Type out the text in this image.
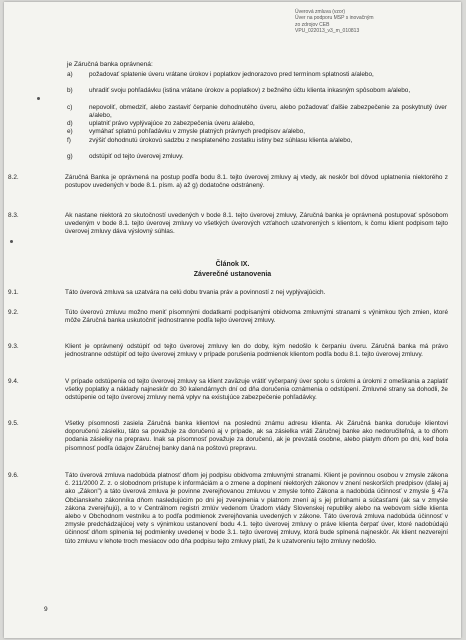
Úverová zmluva (vzor)
Úver na podporu MSP s inovačným
zo zdrojov CEB
VPU_022013_v3_m_010813
je Záručná banka oprávnená:
a)	požadovať splatenie úveru vrátane úrokov i poplatkov jednorazovo pred termínom splatnosti a/alebo,
b)	uhradiť svoju pohľadávku (istina vrátane úrokov a poplatkov) z bežného účtu klienta inkasným spôsobom a/alebo,
c)	nepovoliť, obmedziť, alebo zastaviť čerpanie dohodnutého úveru, alebo požadovať ďalšie zabezpečenie za poskytnutý úver a/alebo,
d)	uplatniť právo vyplývajúce zo zabezpečenia úveru a/alebo,
e)	vymáhať splatnú pohľadávku v zmysle platných právnych predpisov a/alebo,
f)	zvýšiť dohodnutú úrokovú sadzbu z nesplateného zostatku istiny bez súhlasu klienta a/alebo,
g)	odstúpiť od tejto úverovej zmluvy.
8.2.	Záručná Banka je oprávnená na postup podľa bodu 8.1. tejto úverovej zmluvy aj vtedy, ak neskôr bol dôvod uplatnenia niektorého z postupov uvedených v bode 8.1. písm. a) až g) dodatočne odstránený.
8.3.	Ak nastane niektorá zo skutočností uvedených v bode 8.1. tejto úverovej zmluvy, Záručná banka je oprávnená postupovať spôsobom uvedeným v bode 8.1. tejto úverovej zmluvy vo všetkých úverových vzťahoch uzatvorených s klientom, k čomu klient podpisom tejto úverovej zmluvy dáva výslovný súhlas.
Článok IX.
Záverečné ustanovenia
9.1.	Táto úverová zmluva sa uzatvára na celú dobu trvania práv a povinností z nej vyplývajúcich.
9.2.	Túto úverovú zmluvu možno meniť písomnými dodatkami podpísanými obidvoma zmluvnými stranami s výnimkou tých zmien, ktoré môže Záručná banka uskutočniť jednostranne podľa tejto úverovej zmluvy.
9.3.	Klient je oprávnený odstúpiť od tejto úverovej zmluvy len do doby, kým nedošlo k čerpaniu úveru. Záručná banka má právo jednostranne odstúpiť od tejto úverovej zmluvy v prípade porušenia podmienok klientom podľa bodu 8.1. tejto úverovej zmluvy.
9.4.	V prípade odstúpenia od tejto úverovej zmluvy sa klient zaväzuje vrátiť vyčerpaný úver spolu s úrokmi a úrokmi z omeškania a zaplatiť všetky poplatky a náklady najneskôr do 30 kalendárnych dní od dňa doručenia oznámenia o odstúpení. Zmluvné strany sa dohodli, že odstúpenie od tejto úverovej zmluvy nemá vplyv na existujúce zabezpečenie pohľadávky.
9.5.	Všetky písomnosti zasiela Záručná banka klientovi na poslednú známu adresu klienta. Ak Záručná banka doručuje klientovi doporučenú zásielku, táto sa považuje za doručenú aj v prípade, ak sa zásielka vráti Záručnej banke ako nedoručiteľná, a to dňom podania zásielky na prepravu. Inak sa písomnosť považuje za doručenú, ak je prevzatá osobne, alebo piatym dňom po dni, keď bola písomnosť podľa údajov Záručnej banky daná na poštovú prepravu.
9.6.	Táto úverová zmluva nadobúda platnosť dňom jej podpisu obidvoma zmluvnými stranami. Klient je povinnou osobou v zmysle zákona č. 211/2000 Z. z. o slobodnom prístupe k informáciám a o zmene a doplnení niektorých zákonov v znení neskorších predpisov (ďalej aj ako „Zákon") a táto úverová zmluva je povinne zverejňovanou zmluvou v zmysle tohto Zákona a nadobúda účinnosť v zmysle § 47a Občianskeho zákonníka dňom nasledujúcim po dni jej zverejnenia v platnom znení aj s jej prílohami a súčasťami (ak sa v zmysle zákona zverejňujú), a to v Centrálnom registri zmlúv vedenom Úradom vlády Slovenskej republiky alebo na webovom sídle klienta alebo v Obchodnom vestníku a to podľa podmienok zverejňovania uvedených v zákone. Táto úverová zmluva nadobúda účinnosť v zmysle predchádzajúcej vety s výnimkou ustanovení bodu 4.1. tejto úverovej zmluvy o práve klienta čerpať úver, ktoré nadobúdajú účinnosť dňom splnenia tej podmienky uvedenej v bode 3.1. tejto úverovej zmluvy, ktorá bude splnená najneskôr. Ak klient nezverejní túto zmluvu v lehote troch mesiacov odo dňa podpisu tejto zmluvy platí, že k uzatvoreniu tejto zmluvy nedošlo.
9
